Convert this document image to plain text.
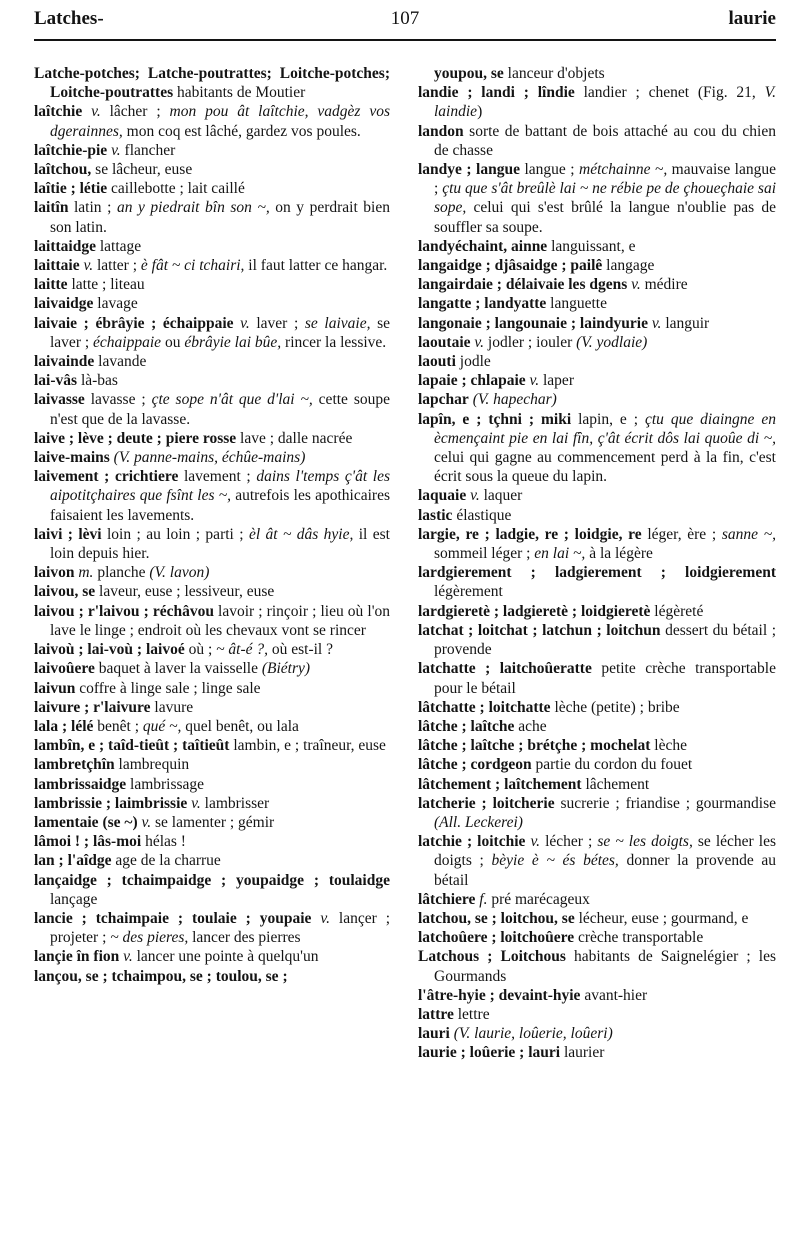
Latches-	107	laurie

Latche-potches; Latche-poutrattes; Loitche-potches; Loitche-poutrattes habitants de Moutier

laîtchie v. lâcher ; mon pou ât laîtchie, vadgèz vos dgerainnes, mon coq est lâché, gardez vos poules.

laîtchie-pie v. flancher

laîtchou, se lâcheur, euse

laîtie ; létie caillebotte ; lait caillé

laitîn latin ; an y piedrait bîn son ~, on y perdrait bien son latin.

laittaidge lattage

laittaie v. latter ; è fât ~ ci tchairi, il faut latter ce hangar.

laitte latte ; liteau

laivaidge lavage

laivaie ; ébrâyie ; échaippaie v. laver ; se laivaie, se laver ; échaippaie ou ébrâyie lai bûe, rincer la lessive.

laivainde lavande

lai-vâs là-bas

laivasse lavasse ; çte sope n'ât que d'lai ~, cette soupe n'est que de la lavasse.

laive ; lève ; deute ; piere rosse lave ; dalle nacrée

laive-mains (V. panne-mains, échûe-mains)

laivement ; crichtiere lavement ; dains l'temps ç'ât les aipotitçhaires que fsînt les ~, autrefois les apothicaires faisaient les lavements.

laivi ; lèvi loin ; au loin ; parti ; èl ât ~ dâs hyie, il est loin depuis hier.

laivon m. planche (V. lavon)

laivou, se laveur, euse ; lessiveur, euse

laivou ; r'laivou ; réchâvou lavoir ; rinçoir ; lieu où l'on lave le linge ; endroit où les chevaux vont se rincer

laivoù ; lai-voù ; laivoé où ; ~ ât-é ?, où est-il ?

laivoûere baquet à laver la vaisselle (Biétry)

laivun coffre à linge sale ; linge sale

laivure ; r'laivure lavure

lala ; lélé benêt ; qué ~, quel benêt, ou lala

lambîn, e ; taîd-tieût ; taîtieût lambin, e ; traîneur, euse

lambretçhîn lambrequin

lambrissaidge lambrissage

lambrissie ; laimbrissie v. lambrisser

lamentaie (se ~) v. se lamenter ; gémir

lâmoi ! ; lâs-moi hélas !

lan ; l'aîdge age de la charrue

lançaidge ; tchaimpaidge ; youpaidge ; toulaidge lançage

lancie ; tchaimpaie ; toulaie ; youpaie v. lançer ; projeter ; ~ des pieres, lancer des pierres

lançie în fion v. lancer une pointe à quelqu'un

lançou, se ; tchaimpou, se ; toulou, se ;

youpou, se lanceur d'objets

landie ; landi ; lîndie landier ; chenet (Fig. 21, V. laindie)

landon sorte de battant de bois attaché au cou du chien de chasse

landye ; langue langue ; métchainne ~, mauvaise langue ; çtu que s'ât breûlè lai ~ ne rébie pe de çhoueçhaie sai sope, celui qui s'est brûlé la langue n'oublie pas de souffler sa soupe.

landyéchaint, ainne languissant, e

langaidge ; djâsaidge ; pailê langage

langairdaie ; délaivaie les dgens v. médire

langatte ; landyatte languette

langonaie ; langounaie ; laindyurie v. languir

laoutaie v. jodler ; iouler (V. yodlaie)

laouti jodle

lapaie ; chlapaie v. laper

lapchar (V. hapechar)

lapîn, e ; tçhni ; miki lapin, e ; çtu que diaingne en ècmençaint pie en lai fîn, ç'ât écrit dôs lai quoûe di ~, celui qui gagne au commencement perd à la fin, c'est écrit sous la queue du lapin.

laquaie v. laquer

lastic élastique

largie, re ; ladgie, re ; loidgie, re léger, ère ; sanne ~, sommeil léger ; en lai ~, à la légère

lardgierement ; ladgierement ; loidgierement légèrement

lardgieretè ; ladgieretè ; loidgieretè légèreté

latchat ; loitchat ; latchun ; loitchun dessert du bétail ; provende

latchatte ; laitchoûeratte petite crèche transportable pour le bétail

lâtchatte ; loitchatte lèche (petite) ; bribe

lâtche ; laîtche ache

lâtche ; laîtche ; brétçhe ; mochelat lèche

lâtche ; cordgeon partie du cordon du fouet

lâtchement ; laîtchement lâchement

latcherie ; loitcherie sucrerie ; friandise ; gourmandise (All. Leckerei)

latchie ; loitchie v. lécher ; se ~ les doigts, se lécher les doigts ; bèyie è ~ és bétes, donner la provende au bétail

lâtchiere f. pré marécageux

latchou, se ; loitchou, se lécheur, euse ; gourmand, e

latchoûere ; loitchoûere crèche transportable

Latchous ; Loitchous habitants de Saignelégier ; les Gourmands

l'âtre-hyie ; devaint-hyie avant-hier

lattre lettre

lauri (V. laurie, loûerie, loûeri)

laurie ; loûerie ; lauri laurier
